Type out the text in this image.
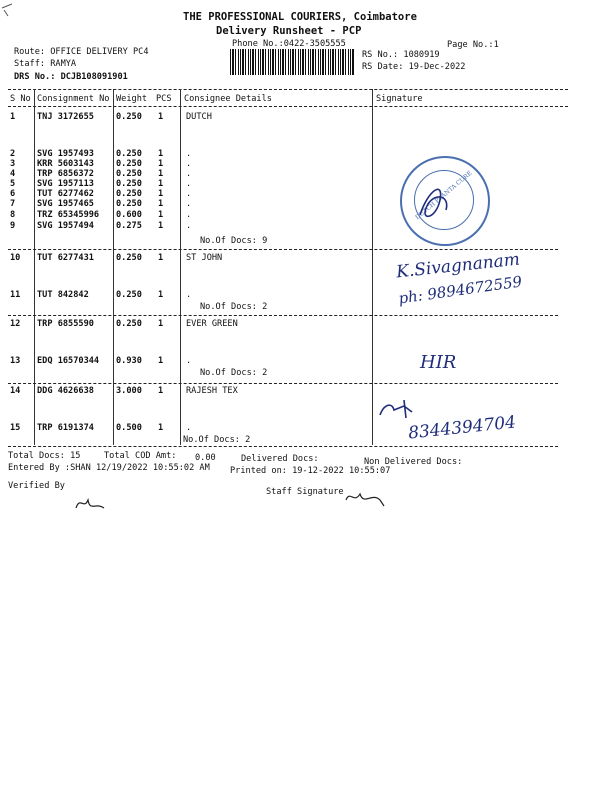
THE PROFESSIONAL COURIERS, Coimbatore
Delivery Runsheet - PCP
Phone No.:0422-3505555	Page No.:1
Route: OFFICE DELIVERY PC4
Staff: RAMYA
DRS No.: DCJB108091901
RS No.: 1080919
RS Date: 19-Dec-2022
S No Consignment No Weight PCS Consignee Details	Signature
1	TNJ 3172655	0.250 1	DUTCH
2	SVG 1957493	0.250 1	.
3	KRR 5603143	0.250 1	.
4	TRP 6856372	0.250 1	.
5	SVG 1957113	0.250 1	.
6	TUT 6277462	0.250 1	.
7	SVG 1957465	0.250 1	.
8	TRZ 65345996 0.600 1	.
9	SVG 1957494	0.275 1	.
No.Of Docs: 9
10 TUT 6277431	0.250 1	ST JOHN
11 TUT 842842	0.250 1	.
No.Of Docs: 2
12 TRP 6855590	0.250 1	EVER GREEN
13 EDQ 16570344 0.930 1	.
No.Of Docs: 2
14 DDG 4626638	3.000 1	RAJESH TEX
15 TRP 6191374	0.500 1	.
No.Of Docs: 2
Total Docs: 15	Total COD Amt: 0.00	Delivered Docs:	Non Delivered Docs:
Entered By :SHAN 12/19/2022 10:55:02 AM Printed on: 19-12-2022 10:55:07
Verified By
Staff Signature
DUTCH PLANTA CURE
K.Sivagnanam
ph: 9894672559
HIR
8344394704
